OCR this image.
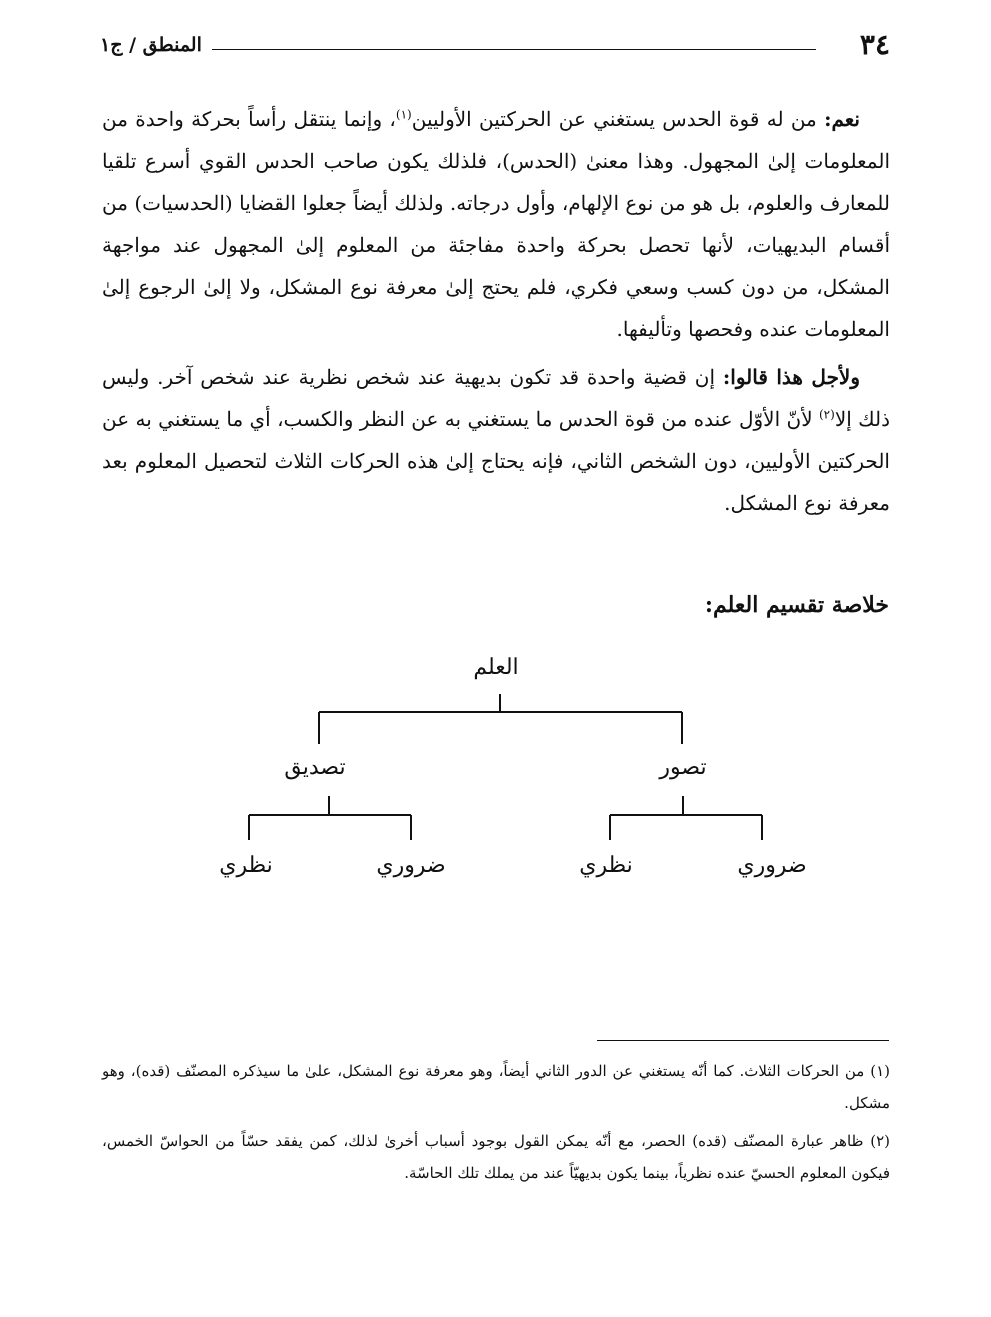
٣٤
المنطق / ج١

نعم: من له قوة الحدس يستغني عن الحركتين الأوليين$^{(١)}$، وإنما ينتقل رأساً بحركة واحدة من المعلومات إلىٰ المجهول. وهذا معنىٰ (الحدس)، فلذلك يكون صاحب الحدس القوي أسرع تلقيا للمعارف والعلوم، بل هو من نوع الإلهام، وأول درجاته. ولذلك أيضاً جعلوا القضايا (الحدسيات) من أقسام البديهيات، لأنها تحصل بحركة واحدة مفاجئة من المعلوم إلىٰ المجهول عند مواجهة المشكل، من دون كسب وسعي فكري، فلم يحتج إلىٰ معرفة نوع المشكل، ولا إلىٰ الرجوع إلىٰ المعلومات عنده وفحصها وتأليفها.

ولأجل هذا قالوا: إن قضية واحدة قد تكون بديهية عند شخص نظرية عند شخص آخر. وليس ذلك إلا$^{(٢)}$ لأنّ الأوّل عنده من قوة الحدس ما يستغني به عن النظر والكسب، أي ما يستغني به عن الحركتين الأوليين، دون الشخص الثاني، فإنه يحتاج إلىٰ هذه الحركات الثلاث لتحصيل المعلوم بعد معرفة نوع المشكل.

خلاصة تقسيم العلم:
العلم
تصديق	تصور
نظري	ضروري	نظري	ضروري

(١) من الحركات الثلاث. كما أنّه يستغني عن الدور الثاني أيضاً، وهو معرفة نوع المشكل، علىٰ ما سيذكره المصنّف (قده)، وهو مشكل.

(٢) ظاهر عبارة المصنّف (قده) الحصر، مع أنّه يمكن القول بوجود أسباب أخرىٰ لذلك، كمن يفقد حسّاً من الحواسّ الخمس، فيكون المعلوم الحسيّ عنده نظرياً، بينما يكون بديهيّاً عند من يملك تلك الحاسّة.
